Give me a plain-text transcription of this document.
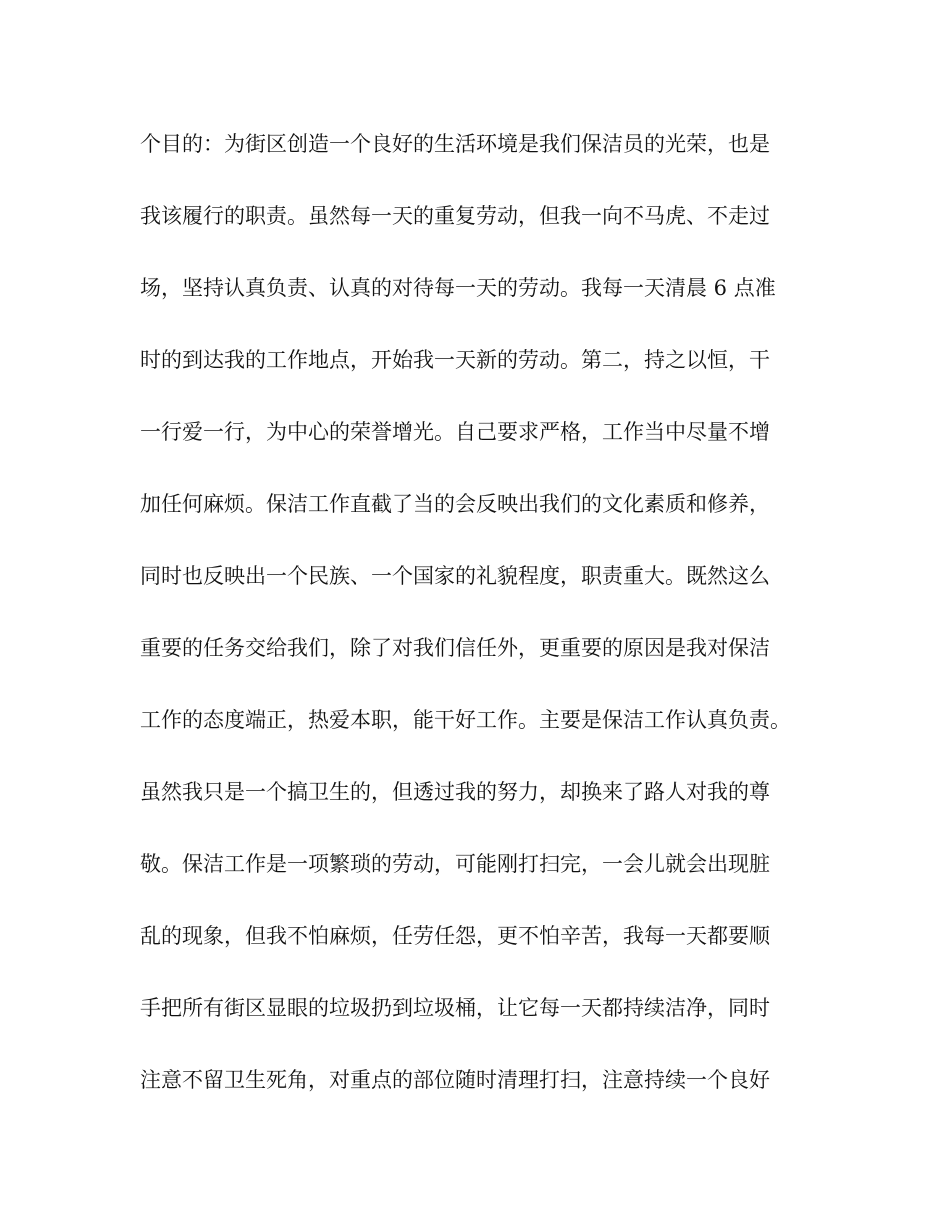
个目的：为街区创造一个良好的生活环境是我们保洁员的光荣，也是
我该履行的职责。虽然每一天的重复劳动，但我一向不马虎、不走过
场，坚持认真负责、认真的对待每一天的劳动。我每一天清晨 6 点准
时的到达我的工作地点，开始我一天新的劳动。第二，持之以恒，干
一行爱一行，为中心的荣誉增光。自己要求严格，工作当中尽量不增
加任何麻烦。保洁工作直截了当的会反映出我们的文化素质和修养，
同时也反映出一个民族、一个国家的礼貌程度，职责重大。既然这么
重要的任务交给我们，除了对我们信任外，更重要的原因是我对保洁
工作的态度端正，热爱本职，能干好工作。主要是保洁工作认真负责。
虽然我只是一个搞卫生的，但透过我的努力，却换来了路人对我的尊
敬。保洁工作是一项繁琐的劳动，可能刚打扫完，一会儿就会出现脏
乱的现象，但我不怕麻烦，任劳任怨，更不怕辛苦，我每一天都要顺
手把所有街区显眼的垃圾扔到垃圾桶，让它每一天都持续洁净，同时
注意不留卫生死角，对重点的部位随时清理打扫，注意持续一个良好
